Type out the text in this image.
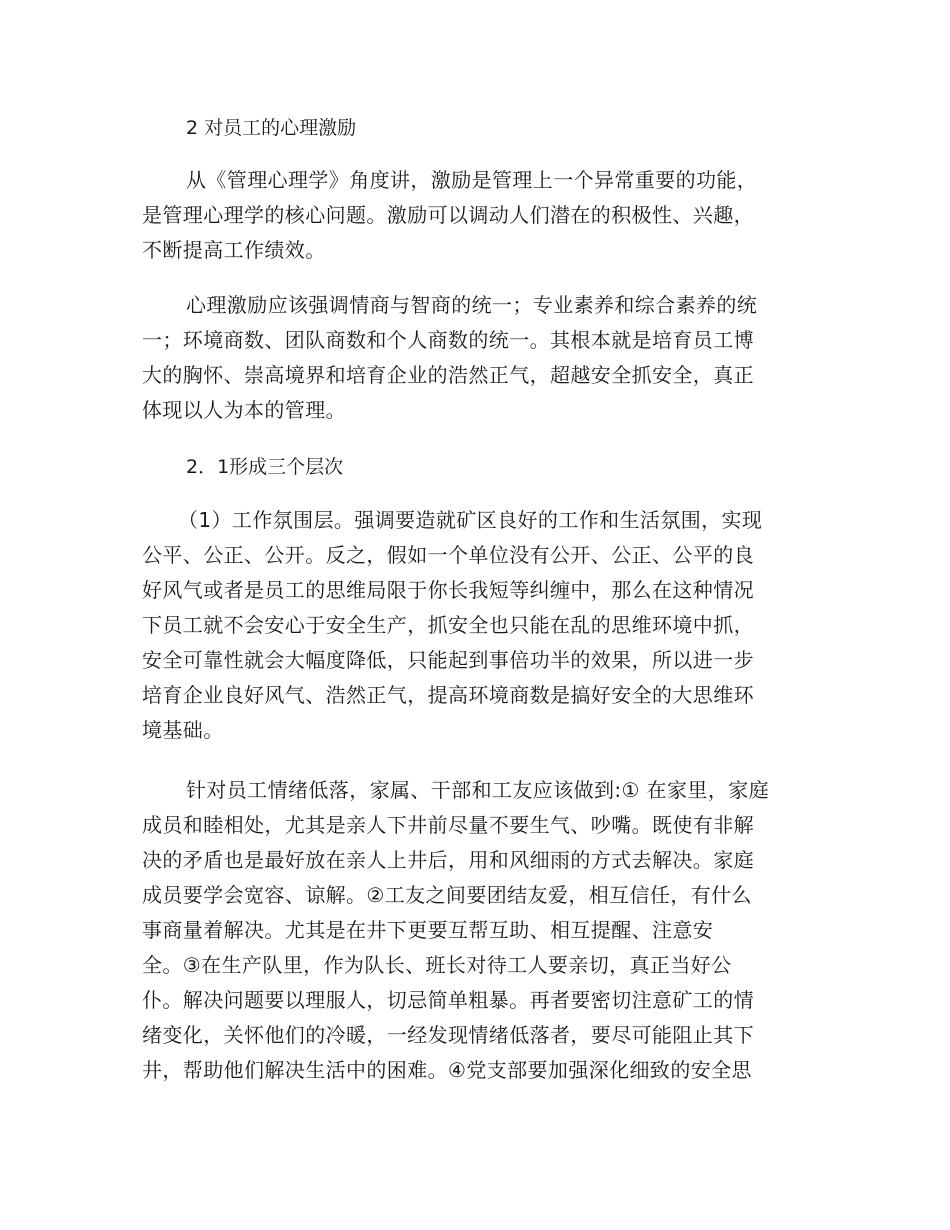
2 对员工的心理激励
从《管理心理学》角度讲，激励是管理上一个异常重要的功能，
是管理心理学的核心问题。激励可以调动人们潜在的积极性、兴趣，
不断提高工作绩效。
心理激励应该强调情商与智商的统一；专业素养和综合素养的统
一；环境商数、团队商数和个人商数的统一。其根本就是培育员工博
大的胸怀、崇高境界和培育企业的浩然正气，超越安全抓安全，真正
体现以人为本的管理。
2．1形成三个层次
（1）工作氛围层。强调要造就矿区良好的工作和生活氛围，实现
公平、公正、公开。反之，假如一个单位没有公开、公正、公平的良
好风气或者是员工的思维局限于你长我短等纠缠中，那么在这种情况
下员工就不会安心于安全生产，抓安全也只能在乱的思维环境中抓，
安全可靠性就会大幅度降低，只能起到事倍功半的效果，所以进一步
培育企业良好风气、浩然正气，提高环境商数是搞好安全的大思维环
境基础。
针对员工情绪低落，家属、干部和工友应该做到:① 在家里，家庭
成员和睦相处，尤其是亲人下井前尽量不要生气、吵嘴。既使有非解
决的矛盾也是最好放在亲人上井后，用和风细雨的方式去解决。家庭
成员要学会宽容、谅解。②工友之间要团结友爱，相互信任，有什么
事商量着解决。尤其是在井下更要互帮互助、相互提醒、注意安
全。③在生产队里，作为队长、班长对待工人要亲切，真正当好公
仆。解决问题要以理服人，切忌简单粗暴。再者要密切注意矿工的情
绪变化，关怀他们的冷暖，一经发现情绪低落者，要尽可能阻止其下
井，帮助他们解决生活中的困难。④党支部要加强深化细致的安全思
